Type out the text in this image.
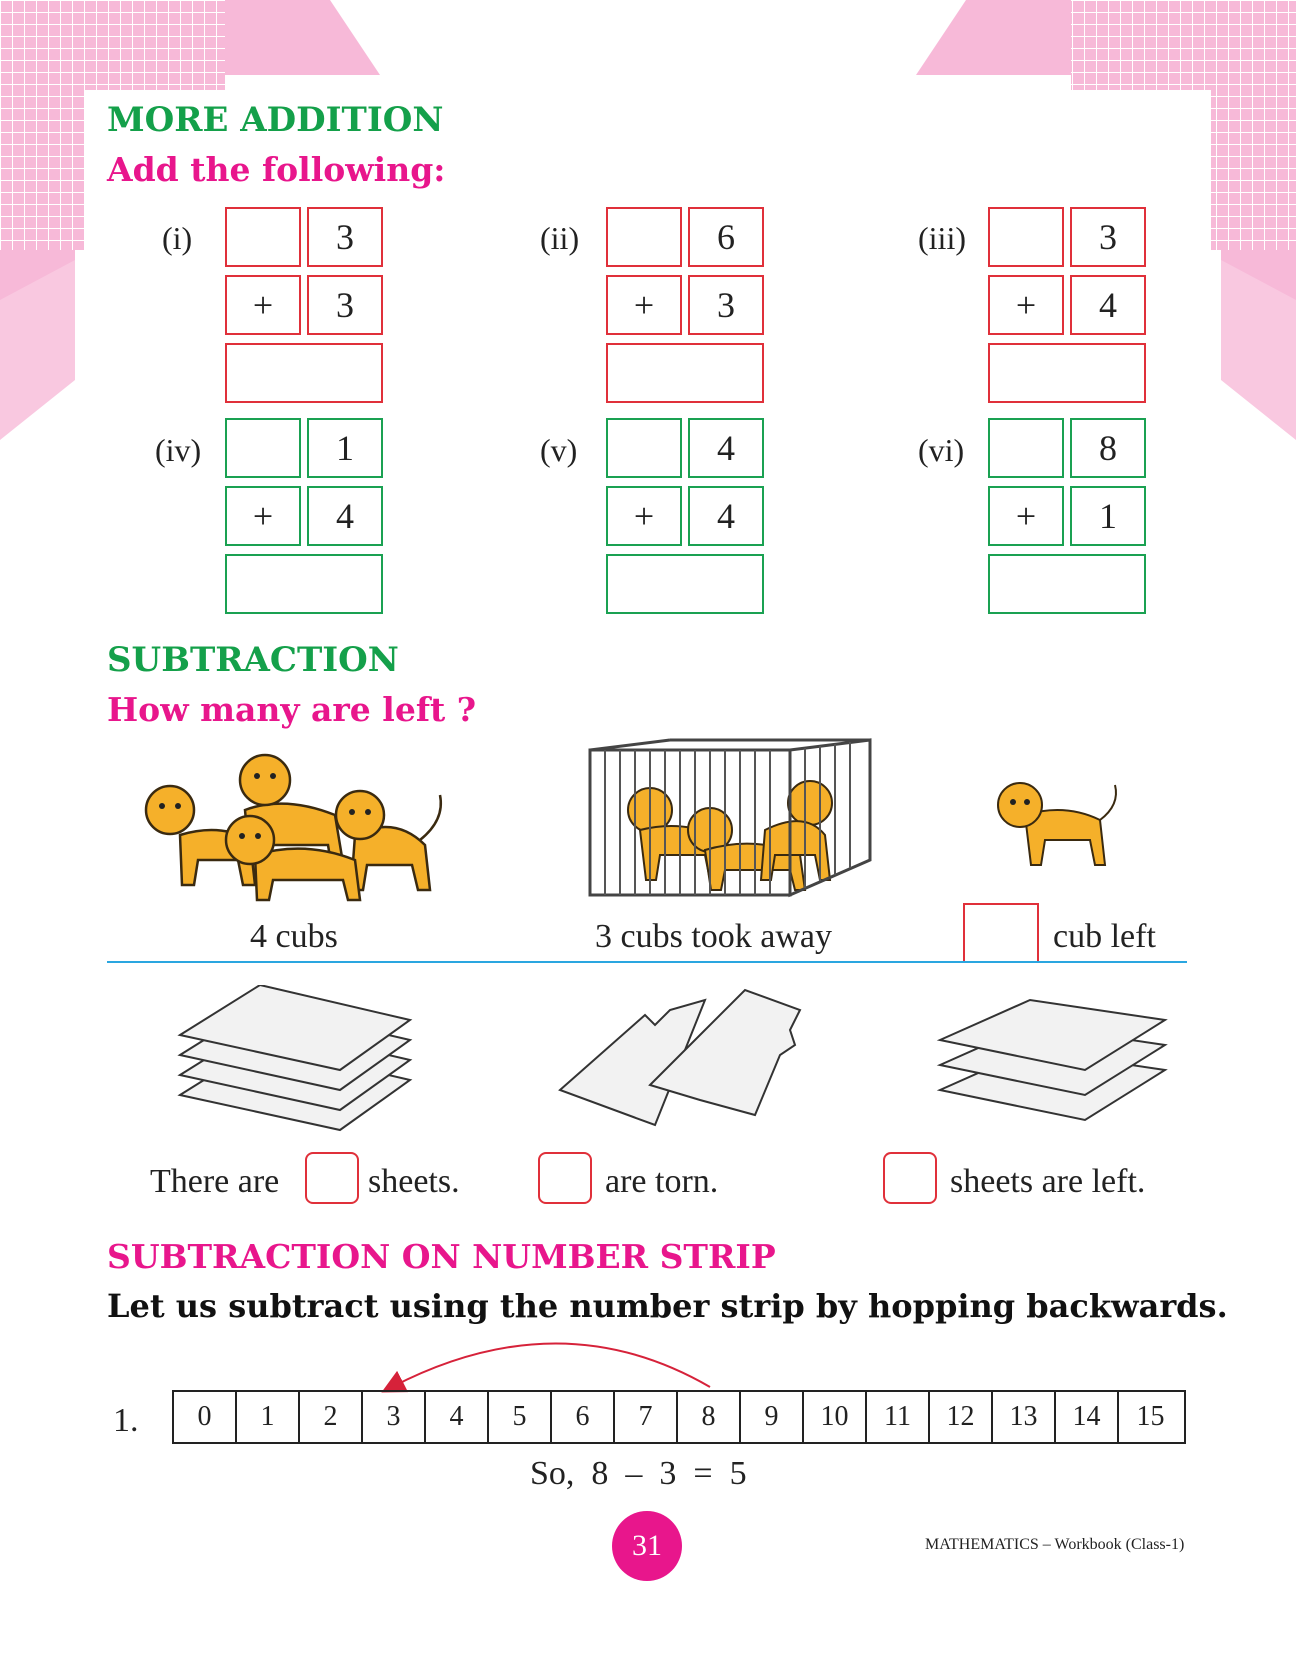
MORE ADDITION
Add the following:
(i)	3
+	3
(ii)	6
+	3
(iii)	3
+	4
(iv)	1
+	4
(v)	4
+	4
(vi)	8
+	1
SUBTRACTION
How many are left ?
4 cubs	3 cubs took away	cub left
There are	sheets.	are torn.	sheets are left.
SUBTRACTION ON NUMBER STRIP
Let us subtract using the number strip by hopping backwards.
1.	0	1	2	3	4	5	6	7	8	9	10	11	12	13	14	15
So,  8  –  3  =  5
31	MATHEMATICS – Workbook (Class-1)
